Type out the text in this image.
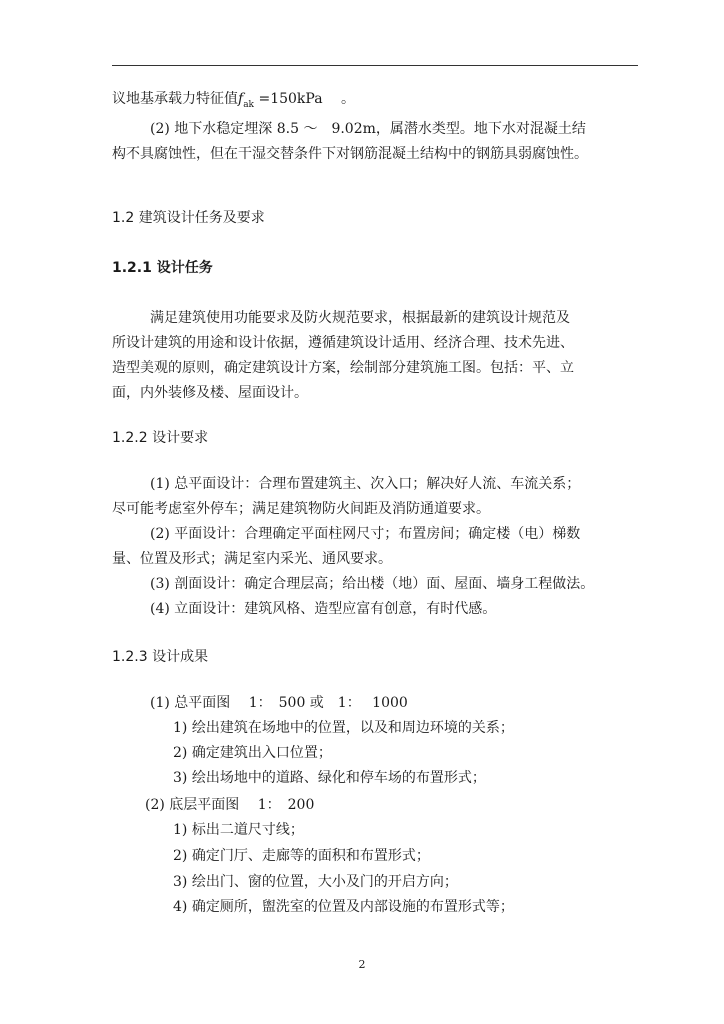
议地基承载力特征值$f_{ak} =150kPa$　 。
(2) 地下水稳定埋深 8.5 ～　9.02m，属潜水类型。地下水对混凝土结
构不具腐蚀性，但在干湿交替条件下对钢筋混凝土结构中的钢筋具弱腐蚀性。
1.2 建筑设计任务及要求
1.2.1 设计任务
满足建筑使用功能要求及防火规范要求，根据最新的建筑设计规范及
所设计建筑的用途和设计依据，遵循建筑设计适用、经济合理、技术先进、
造型美观的原则，确定建筑设计方案，绘制部分建筑施工图。包括：平、立
面，内外装修及楼、屋面设计。
1.2.2 设计要求
(1) 总平面设计：合理布置建筑主、次入口；解决好人流、车流关系；
尽可能考虑室外停车；满足建筑物防火间距及消防通道要求。
(2) 平面设计：合理确定平面柱网尺寸；布置房间；确定楼（电）梯数
量、位置及形式；满足室内采光、通风要求。
(3) 剖面设计：确定合理层高；给出楼（地）面、屋面、墙身工程做法。
(4) 立面设计：建筑风格、造型应富有创意，有时代感。
1.2.3 设计成果
(1) 总平面图　 1：　500 或　1：　 1000
1) 绘出建筑在场地中的位置，以及和周边环境的关系；
2) 确定建筑出入口位置；
3) 绘出场地中的道路、绿化和停车场的布置形式；
(2) 底层平面图　 1：　200
1) 标出二道尺寸线；
2) 确定门厅、走廊等的面积和布置形式；
3) 绘出门、窗的位置，大小及门的开启方向；
4) 确定厕所，盥洗室的位置及内部设施的布置形式等；
2
